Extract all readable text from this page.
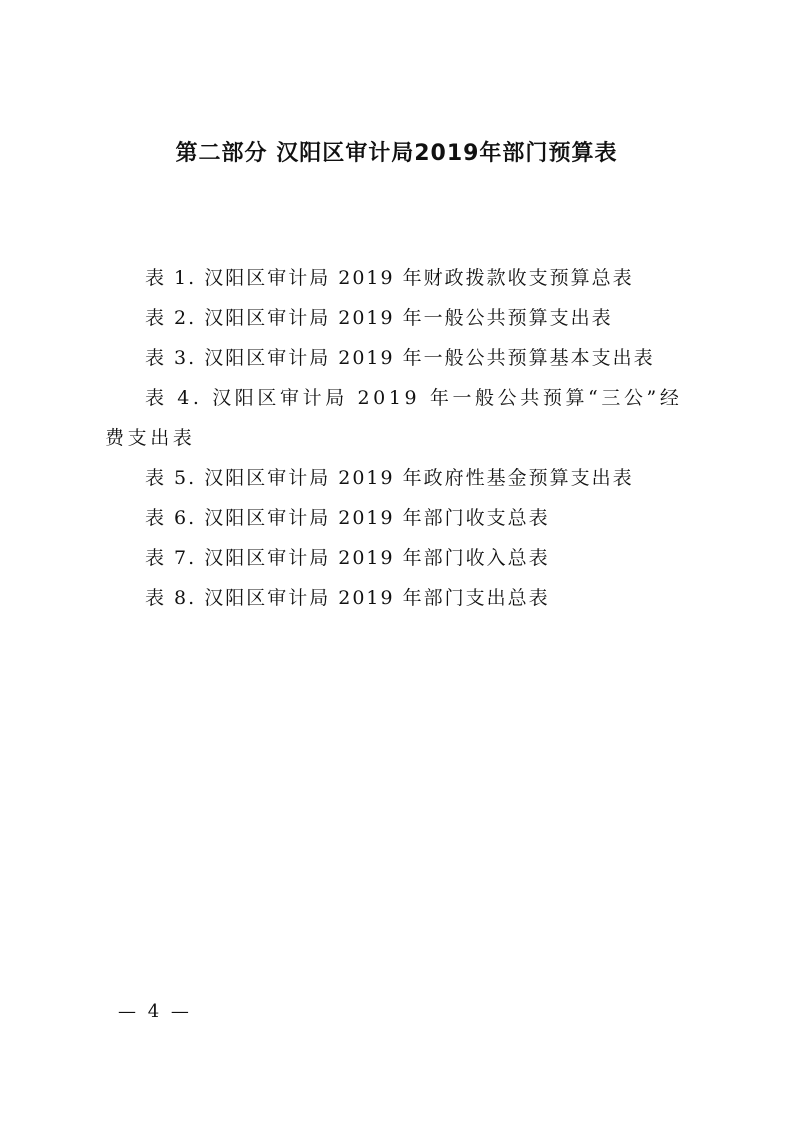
第二部分 汉阳区审计局2019年部门预算表
表 1. 汉阳区审计局 2019 年财政拨款收支预算总表
表 2. 汉阳区审计局 2019 年一般公共预算支出表
表 3. 汉阳区审计局 2019 年一般公共预算基本支出表
表 4. 汉阳区审计局 2019 年一般公共预算“三公”经费支出表
表 5. 汉阳区审计局 2019 年政府性基金预算支出表
表 6. 汉阳区审计局 2019 年部门收支总表
表 7. 汉阳区审计局 2019 年部门收入总表
表 8. 汉阳区审计局 2019 年部门支出总表
— 4 —
